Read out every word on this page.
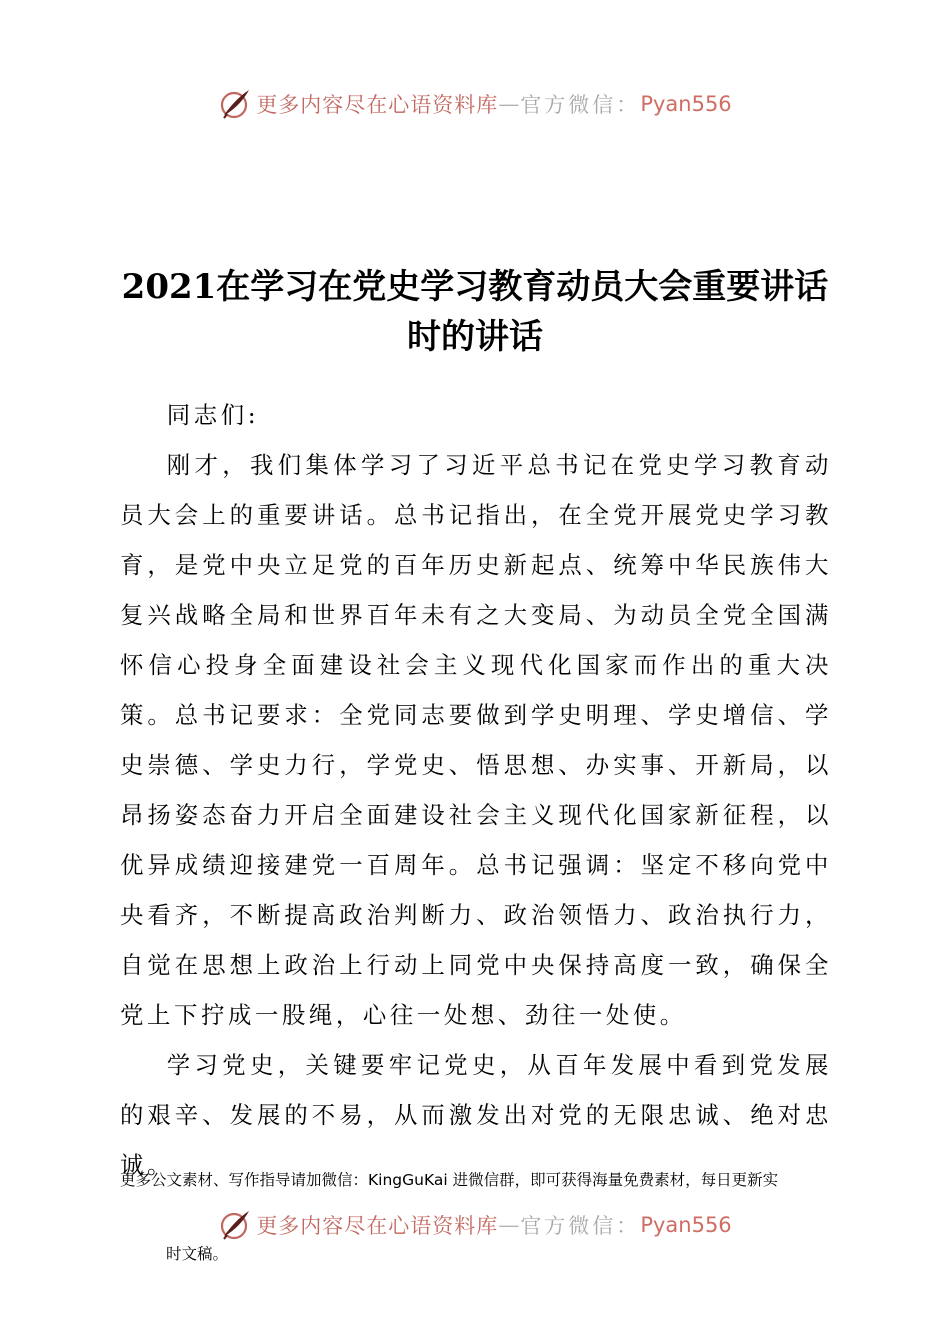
更多内容尽在心语资料库 — 官方微信： Pyan556
2021在学习在党史学习教育动员大会重要讲话
时的讲话

同志们:

刚才，我们集体学习了习近平总书记在党史学习教育动员大会上的重要讲话。总书记指出，在全党开展党史学习教育，是党中央立足党的百年历史新起点、统筹中华民族伟大复兴战略全局和世界百年未有之大变局、为动员全党全国满怀信心投身全面建设社会主义现代化国家而作出的重大决策。总书记要求：全党同志要做到学史明理、学史增信、学史崇德、学史力行，学党史、悟思想、办实事、开新局，以昂扬姿态奋力开启全面建设社会主义现代化国家新征程，以优异成绩迎接建党一百周年。总书记强调：坚定不移向党中央看齐，不断提高政治判断力、政治领悟力、政治执行力，自觉在思想上政治上行动上同党中央保持高度一致，确保全党上下拧成一股绳，心往一处想、劲往一处使。

学习党史，关键要牢记党史，从百年发展中看到党发展的艰辛、发展的不易，从而激发出对党的无限忠诚、绝对忠诚。

更多公文素材、写作指导请加微信：KingGuKai 进微信群，即可获得海量免费素材，每日更新实
更多内容尽在心语资料库 — 官方微信： Pyan556
时文稿。
